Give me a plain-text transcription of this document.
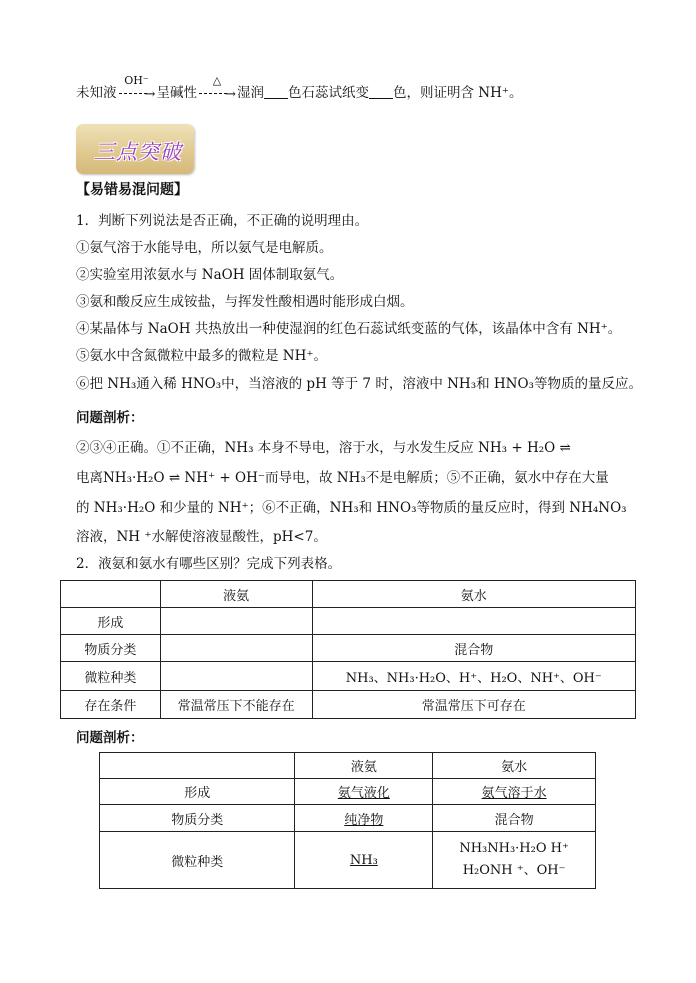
未知液
OH⁻
→ 呈碱性
△
→ 湿润 色石蕊试纸变 色，则证明含 NH⁺。
三点突破
【易错易混问题】
1．判断下列说法是否正确，不正确的说明理由。
①氨气溶于水能导电，所以氨气是电解质。
②实验室用浓氨水与 NaOH 固体制取氨气。
③氨和酸反应生成铵盐，与挥发性酸相遇时能形成白烟。
④某晶体与 NaOH 共热放出一种使湿润的红色石蕊试纸变蓝的气体，该晶体中含有 NH⁺。
⑤氨水中含氮微粒中最多的微粒是 NH⁺。
⑥把 NH₃通入稀 HNO₃中，当溶液的 pH 等于 7 时，溶液中 NH₃和 HNO₃等物质的量反应。
问题剖析：
②③④正确。①不正确，NH₃ 本身不导电，溶于水，与水发生反应 NH₃ + H₂O ⇌
电离NH₃·H₂O ⇌ NH⁺ + OH⁻而导电，故 NH₃不是电解质；⑤不正确，氨水中存在大量
的 NH₃·H₂O 和少量的 NH⁺；⑥不正确，NH₃和 HNO₃等物质的量反应时，得到 NH₄NO₃
溶液，NH ⁺水解使溶液显酸性，pH<7。
2．液氨和氨水有哪些区别？完成下列表格。
	液氨	氨水
形成		
物质分类		混合物
微粒种类		NH₃、NH₃·H₂O、H⁺、H₂O、NH⁺、OH⁻
存在条件	常温常压下不能存在	常温常压下可存在
问题剖析：
	液氨	氨水
形成	氨气液化	氨气溶于水
物质分类	纯净物	混合物
微粒种类	NH₃	NH₃NH₃·H₂O H⁺ H₂ONH ⁺、OH⁻
